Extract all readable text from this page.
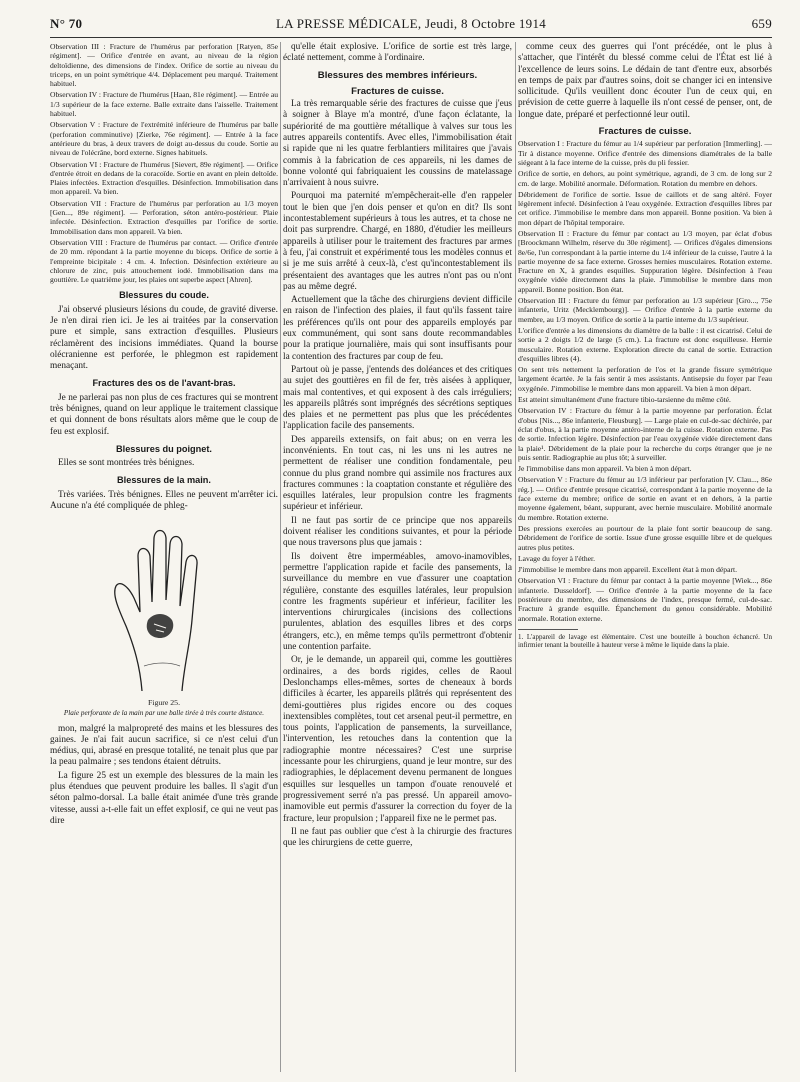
N° 70	LA PRESSE MÉDICALE, Jeudi, 8 Octobre 1914	659

Observation III : Fracture de l'humérus par perforation [Ratyen, 85e régiment]. — Orifice d'entrée en avant, au niveau de la région deltoïdienne, des dimensions de l'index. Orifice de sortie au niveau du triceps, en un point symétrique 4/4. Déplacement peu marqué. Traitement habituel.

Observation IV : Fracture de l'humérus [Haan, 81e régiment]. — Entrée au 1/3 supérieur de la face externe. Balle extraite dans l'aisselle. Traitement habituel.

Observation V : Fracture de l'extrémité inférieure de l'humérus par balle (perforation comminutive) [Zierke, 76e régiment]. — Entrée à la face antérieure du bras, à deux travers de doigt au-dessus du coude. Sortie au niveau de l'olécrâne, bord externe. Signes habituels.

Observation VI : Fracture de l'humérus [Sievert, 89e régiment]. — Orifice d'entrée étroit en dedans de la coracoïde. Sortie en avant en plein deltoïde. Plaies infectées. Extraction d'esquilles. Désinfection. Immobilisation dans mon appareil. Va bien.

Observation VII : Fracture de l'humérus par perforation au 1/3 moyen [Gen..., 89e régiment]. — Perforation, séton antéro-postérieur. Plaie infectée. Désinfection. Extraction d'esquilles par l'orifice de sortie. Immobilisation dans mon appareil. Va bien.

Observation VIII : Fracture de l'humérus par contact. — Orifice d'entrée de 20 mm. répondant à la partie moyenne du biceps. Orifice de sortie à l'empreinte bicipitale : 4 cm. 4. Infection. Désinfection extérieure au chlorure de zinc, puis attouchement iodé. Immobilisation dans ma gouttière. Le quatrième jour, les plaies ont superbe aspect [Ahren].

Blessures du coude.

J'ai observé plusieurs lésions du coude, de gravité diverse. Je n'en dirai rien ici. Je les ai traitées par la conservation pure et simple, sans extraction d'esquilles. Plusieurs réclamèrent des incisions immédiates. Quand la bourse olécranienne est perforée, le phlegmon est rapidement menaçant.

Fractures des os de l'avant-bras.

Je ne parlerai pas non plus de ces fractures qui se montrent très bénignes, quand on leur applique le traitement classique et qui donnent de bons résultats alors même que le coup de feu est explosif.

Blessures du poignet.

Elles se sont montrées très bénignes.

Blessures de la main.

Très variées. Très bénignes. Elles ne peuvent m'arrêter ici. Aucune n'a été compliquée de phleg-

Figure 25.
Plaie perforante de la main par une balle tirée à très courte distance.

mon, malgré la malpropreté des mains et les blessures des gaines. Je n'ai fait aucun sacrifice, si ce n'est celui d'un médius, qui, abrasé en presque totalité, ne tenait plus que par la peau palmaire ; ses tendons étaient détruits.

La figure 25 est un exemple des blessures de la main les plus étendues que peuvent produire les balles. Il s'agit d'un séton palmo-dorsal. La balle était animée d'une très grande vitesse, aussi a-t-elle fait un effet explosif, ce qui ne veut pas dire

qu'elle était explosive. L'orifice de sortie est très large, éclaté nettement, comme à l'ordinaire.

Blessures des membres inférieurs.
Fractures de cuisse.

La très remarquable série des fractures de cuisse que j'eus à soigner à Blaye m'a montré, d'une façon éclatante, la supériorité de ma gouttière métallique à valves sur tous les autres appareils contentifs. Avec elles, l'immobilisation était si rapide que ni les quatre ferblantiers militaires que j'avais commis à la fabrication de ces appareils, ni les dames de bonne volonté qui fabriquaient les coussins de matelassage n'arrivaient à nous suivre.

Pourquoi ma paternité m'empêcherait-elle d'en rappeler tout le bien que j'en dois penser et qu'on en dit? Ils sont incontestablement supérieurs à tous les autres, et ta chose ne doit pas surprendre. Chargé, en 1880, d'étudier les meilleurs appareils à utiliser pour le traitement des fractures par armes à feu, j'ai construit et expérimenté tous les modèles connus et si je me suis arrêté à ceux-là, c'est qu'incontestablement ils présentaient des avantages que les autres n'ont pas ou n'ont pas au même degré.

Actuellement que la tâche des chirurgiens devient difficile en raison de l'infection des plaies, il faut qu'ils fassent taire les préférences qu'ils ont pour des appareils employés par eux communément, qui sont sans doute recommandables pour la pratique journalière, mais qui sont insuffisants pour la contention des fractures par coup de feu.

Partout où je passe, j'entends des doléances et des critiques au sujet des gouttières en fil de fer, très aisées à appliquer, mais mal contentives, et qui exposent à des cals irréguliers; les appareils plâtrés sont imprégnés des sécrétions septiques des plaies et ne permettent pas plus que les précédentes l'application facile des pansements.

Des appareils extensifs, on fait abus; on en verra les inconvénients. En tout cas, ni les uns ni les autres ne permettent de réaliser une condition fondamentale, peu connue du plus grand nombre qui assimile nos fractures aux fractures communes : la coaptation constante et régulière des esquilles latérales, leur propulsion contre les fragments supérieur et inférieur.

Il ne faut pas sortir de ce principe que nos appareils doivent réaliser les conditions suivantes, et pour la période que nous traversons plus que jamais :

Ils doivent être imperméables, amovo-inamovibles, permettre l'application rapide et facile des pansements, la surveillance du membre en vue d'assurer une coaptation régulière, constante des esquilles latérales, leur propulsion contre les fragments supérieur et inférieur, faciliter les interventions chirurgicales (incisions des collections purulentes, ablation des esquilles libres et des corps étrangers, etc.), en même temps qu'ils permettront d'obtenir une contention parfaite.

Or, je le demande, un appareil qui, comme les gouttières ordinaires, a des bords rigides, celles de Raoul Deslonchamps elles-mêmes, sortes de cheneaux à bords difficiles à écarter, les appareils plâtrés qui représentent des demi-gouttières plus rigides encore ou des coques inextensibles complètes, tout cet arsenal peut-il permettre, en tous points, l'application de pansements, la surveillance, l'intervention, les retouches dans la contention que la radiographie montre nécessaires? C'est une surprise incessante pour les chirurgiens, quand je leur montre, sur des radiographies, le déplacement devenu permanent de longues esquilles sur lesquelles un tampon d'ouate renouvelé et progressivement serré n'a pas pressé. Un appareil amovo-inamovible eut permis d'assurer la correction du foyer de la fracture, leur propulsion ; l'appareil fixe ne le permet pas.

Il ne faut pas oublier que c'est à la chirurgie des fractures que les chirurgiens de cette guerre,

comme ceux des guerres qui l'ont précédée, ont le plus à s'attacher, que l'intérêt du blessé comme celui de l'État est lié à l'excellence de leurs soins. Le dédain de tant d'entre eux, absorbés en temps de paix par d'autres soins, doit se changer ici en intensive sollicitude. Qu'ils veuillent donc écouter l'un de ceux qui, en prévision de cette guerre à laquelle ils n'ont cessé de penser, ont, de longue date, préparé et perfectionné leur outil.

Fractures de cuisse.

Observation I : Fracture du fémur au 1/4 supérieur par perforation [Immerling]. — Tir à distance moyenne. Orifice d'entrée des dimensions diamétrales de la balle siégeant à la face interne de la cuisse, près du pli fessier.

Orifice de sortie, en dehors, au point symétrique, agrandi, de 3 cm. de long sur 2 cm. de large. Mobilité anormale. Déformation. Rotation du membre en dehors.

Débridement de l'orifice de sortie. Issue de caillots et de sang altéré. Foyer légèrement infecté. Désinfection à l'eau oxygénée. Extraction d'esquilles libres par cet orifice. J'immobilise le membre dans mon appareil. Bonne position. Va bien à mon départ de l'hôpital temporaire.

Observation II : Fracture du fémur par contact au 1/3 moyen, par éclat d'obus [Broockmann Wilhelm, réserve du 30e régiment]. — Orifices d'égales dimensions 8e/6e, l'un correspondant à la partie interne du 1/4 inférieur de la cuisse, l'autre à la partie moyenne de sa face externe. Grosses hernies musculaires. Rotation externe. Fracture en X, à grandes esquilles. Suppuration légère. Désinfection à l'eau oxygénée vidée directement dans la plaie. J'immobilise le membre dans mon appareil. Bonne position. Bon état.

Observation III : Fracture du fémur par perforation au 1/3 supérieur [Gro..., 75e infanterie, Uritz (Mecklembourg)]. — Orifice d'entrée à la partie externe du membre, au 1/3 moyen. Orifice de sortie à la partie interne du 1/3 supérieur.

L'orifice d'entrée a les dimensions du diamètre de la balle : il est cicatrisé. Celui de sortie a 2 doigts 1/2 de large (5 cm.). La fracture est donc esquilleuse. Hernie musculaire. Rotation externe. Exploration directe du canal de sortie. Extraction d'esquilles libres (4).

On sent très nettement la perforation de l'os et la grande fissure symétrique largement écartée. Je la fais sentir à mes assistants. Antisepsie du foyer par l'eau oxygénée. J'immobilise le membre dans mon appareil. Va bien à mon départ.

Est atteint simultanément d'une fracture tibio-tarsienne du même côté.

Observation IV : Fracture du fémur à la partie moyenne par perforation. Éclat d'obus [Nis..., 86e infanterie, Fleusburg]. — Large plaie en cul-de-sac déchirée, par éclat d'obus, à la partie moyenne antéro-interne de la cuisse. Rotation externe. Pas de sortie. Infection légère. Désinfection par l'eau oxygénée vidée directement dans la plaie¹. Débridement de la plaie pour la recherche du corps étranger que je ne puis sentir. Radiographie au plus tôt; à surveiller.

Je l'immobilise dans mon appareil. Va bien à mon départ.

Observation V : Fracture du fémur au 1/3 inférieur par perforation [V. Clau..., 86e rég.]. — Orifice d'entrée presque cicatrisé, correspondant à la partie moyenne de la face externe du membre; orifice de sortie en avant et en dehors, à la partie moyenne également, béant, suppurant, avec hernie musculaire. Mobilité anormale du membre. Rotation externe.

Des pressions exercées au pourtour de la plaie font sortir beaucoup de sang. Débridement de l'orifice de sortie. Issue d'une grosse esquille libre et de quelques autres plus petites.

Lavage du foyer à l'éther.

J'immobilise le membre dans mon appareil. Excellent état à mon départ.

Observation VI : Fracture du fémur par contact à la partie moyenne [Wiek..., 86e infanterie. Dusseldorf]. — Orifice d'entrée à la partie moyenne de la face postérieure du membre, des dimensions de l'index, presque fermé, cul-de-sac. Fracture à grande esquille. Épanchement du genou considérable. Mobilité anormale. Rotation externe.

1. L'appareil de lavage est élémentaire. C'est une bouteille à bouchon échancré. Un infirmier tenant la bouteille à hauteur verse à même le liquide dans la plaie.
